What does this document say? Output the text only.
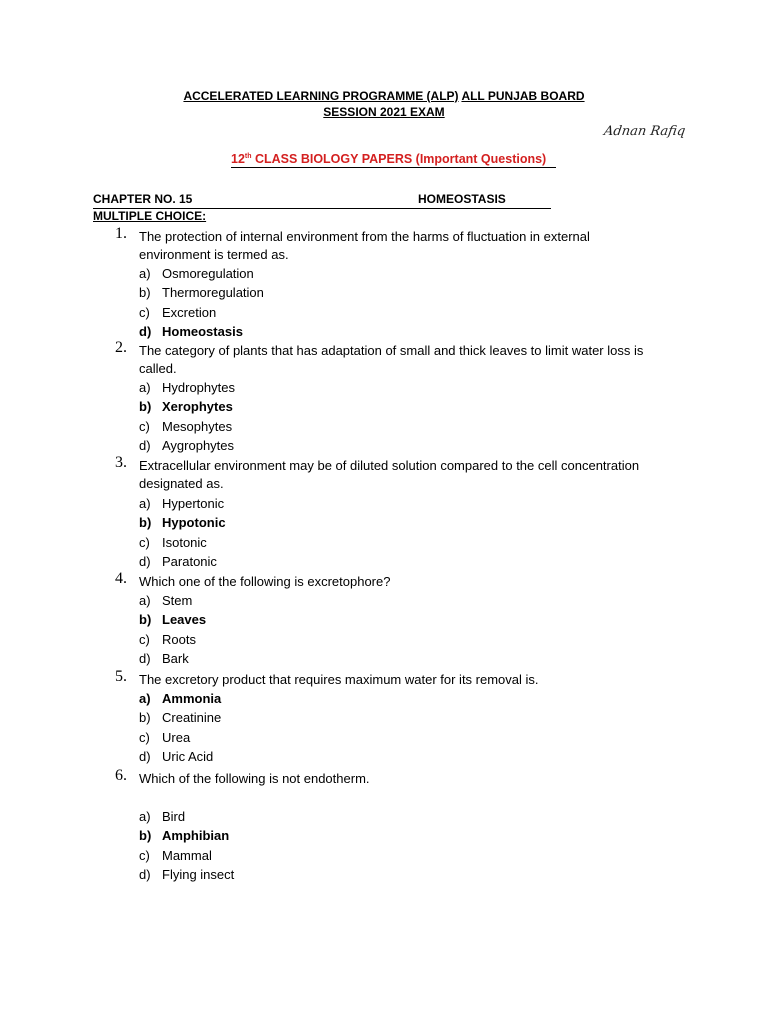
ACCELERATED LEARNING PROGRAMME (ALP) ALL PUNJAB BOARD
SESSION 2021 EXAM
Adnan Rafiq
12th CLASS BIOLOGY PAPERS (Important Questions)
CHAPTER NO. 15	HOMEOSTASIS
MULTIPLE CHOICE:
1. The protection of internal environment from the harms of fluctuation in external environment is termed as.
a) Osmoregulation
b) Thermoregulation
c) Excretion
d) Homeostasis
2. The category of plants that has adaptation of small and thick leaves to limit water loss is called.
a) Hydrophytes
b) Xerophytes
c) Mesophytes
d) Aygrophytes
3. Extracellular environment may be of diluted solution compared to the cell concentration designated as.
a) Hypertonic
b) Hypotonic
c) Isotonic
d) Paratonic
4. Which one of the following is excretophore?
a) Stem
b) Leaves
c) Roots
d) Bark
5. The excretory product that requires maximum water for its removal is.
a) Ammonia
b) Creatinine
c) Urea
d) Uric Acid
6. Which of the following is not endotherm.
a) Bird
b) Amphibian
c) Mammal
d) Flying insect
